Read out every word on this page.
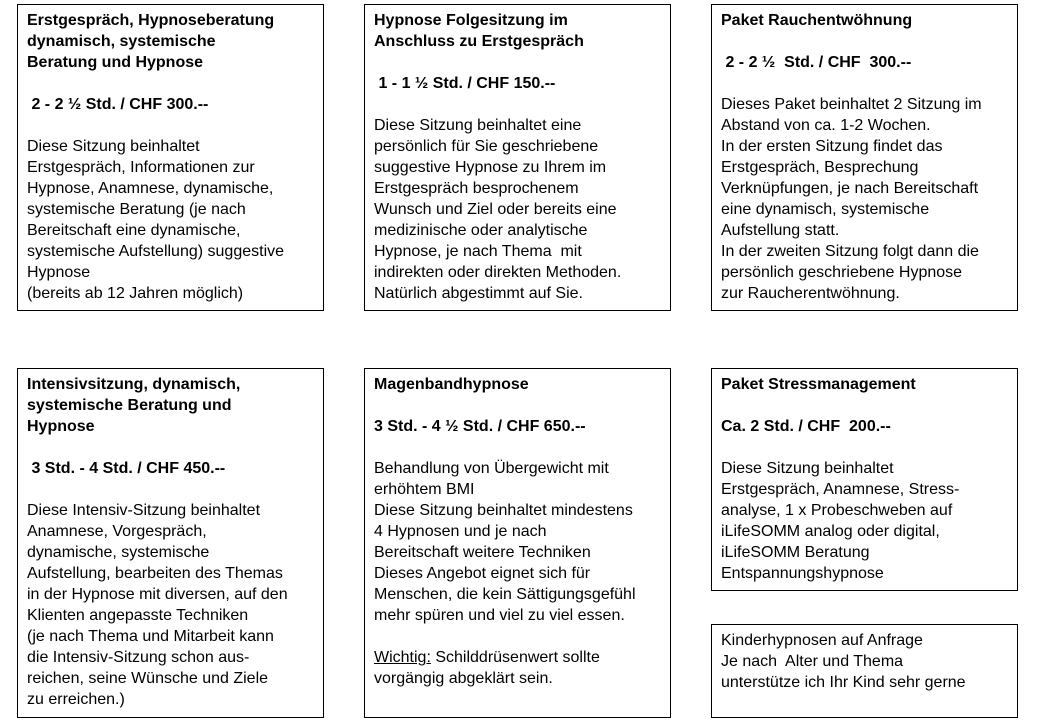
Erstgespräch, Hypnoseberatung
dynamisch, systemische
Beratung und Hypnose
2 - 2 ½ Std. / CHF 300.--
Diese Sitzung beinhaltet
Erstgespräch, Informationen zur
Hypnose, Anamnese, dynamische,
systemische Beratung (je nach
Bereitschaft eine dynamische,
systemische Aufstellung) suggestive
Hypnose
(bereits ab 12 Jahren möglich)
Hypnose Folgesitzung im
Anschluss zu Erstgespräch
1 - 1 ½ Std. / CHF 150.--
Diese Sitzung beinhaltet eine
persönlich für Sie geschriebene
suggestive Hypnose zu Ihrem im
Erstgespräch besprochenem
Wunsch und Ziel oder bereits eine
medizinische oder analytische
Hypnose, je nach Thema  mit
indirekten oder direkten Methoden.
Natürlich abgestimmt auf Sie.
Paket Rauchentwöhnung
2 - 2 ½  Std. / CHF  300.--
Dieses Paket beinhaltet 2 Sitzung im
Abstand von ca. 1-2 Wochen.
In der ersten Sitzung findet das
Erstgespräch, Besprechung
Verknüpfungen, je nach Bereitschaft
eine dynamisch, systemische
Aufstellung statt.
In der zweiten Sitzung folgt dann die
persönlich geschriebene Hypnose
zur Raucherentwöhnung.
Intensivsitzung, dynamisch,
systemische Beratung und
Hypnose
3 Std. - 4 Std. / CHF 450.--
Diese Intensiv-Sitzung beinhaltet
Anamnese, Vorgespräch,
dynamische, systemische
Aufstellung, bearbeiten des Themas
in der Hypnose mit diversen, auf den
Klienten angepasste Techniken
(je nach Thema und Mitarbeit kann
die Intensiv-Sitzung schon aus-
reichen, seine Wünsche und Ziele
zu erreichen.)
Magenbandhypnose
3 Std. - 4 ½ Std. / CHF 650.--
Behandlung von Übergewicht mit
erhöhtem BMI
Diese Sitzung beinhaltet mindestens
4 Hypnosen und je nach
Bereitschaft weitere Techniken
Dieses Angebot eignet sich für
Menschen, die kein Sättigungsgefühl
mehr spüren und viel zu viel essen.
Wichtig: Schilddrüsenwert sollte
vorgängig abgeklärt sein.
Paket Stressmanagement
Ca. 2 Std. / CHF  200.--
Diese Sitzung beinhaltet
Erstgespräch, Anamnese, Stress-
analyse, 1 x Probeschweben auf
iLifeSOMM analog oder digital,
iLifeSOMM Beratung
Entspannungshypnose
Kinderhypnosen auf Anfrage
Je nach  Alter und Thema
unterstütze ich Ihr Kind sehr gerne
